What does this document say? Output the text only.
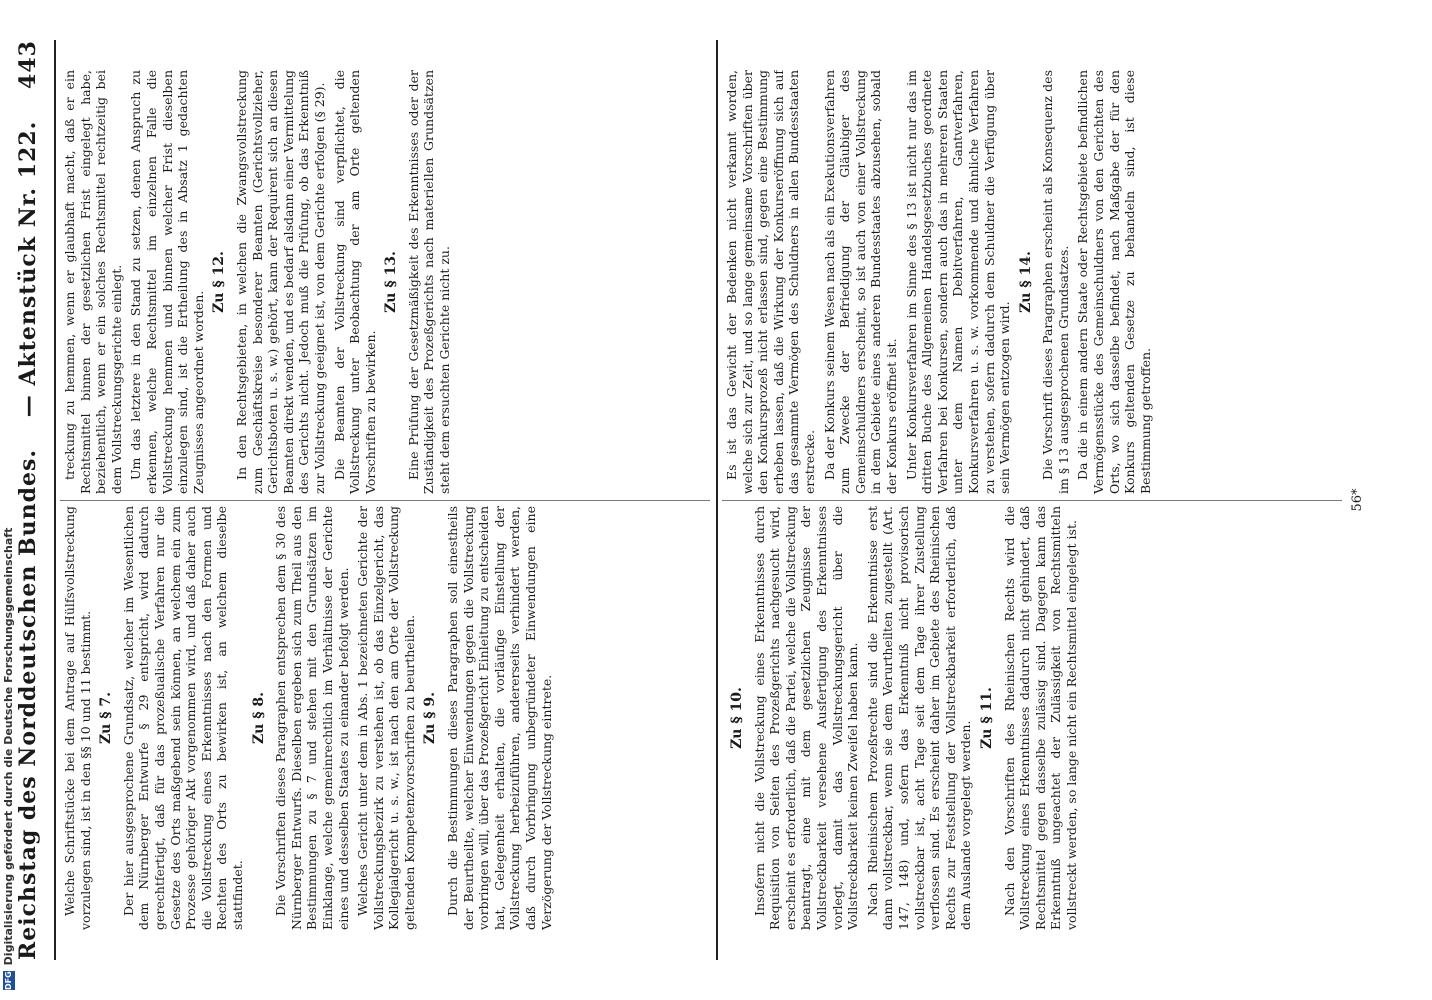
DFG
Digitalisierung gefördert durch die Deutsche Forschungsgemeinschaft Reichstag des Norddeutschen Bundes.
— Aktenstück Nr. 122.
443

Welche Schriftstücke bei dem Antrage auf Hülfsvollstreckung vorzulegen sind, ist in den §§ 10 und 11 bestimmt. Zu § 7. Der hier ausgesprochene Grundsatz, welcher im Wesentlichen dem Nürnberger Entwurfe § 29 entspricht, wird dadurch gerechtfertigt, daß für das prozeßualische Verfahren nur die Gesetze des Orts maßgebend sein können, an welchem ein zum Prozesse gehöriger Akt vorgenommen wird, und daß daher auch die Vollstreckung eines Erkenntnisses nach den Formen und Rechten des Orts zu bewirken ist, an welchem dieselbe stattfindet.

Zu § 8. Die Vorschriften dieses Paragraphen entsprechen dem § 30 des Nürnberger Entwurfs. Dieselben ergeben sich zum Theil aus den Bestimmungen zu § 7 und stehen mit den Grundsätzen im Einklange, welche gemeinrechtlich im Verhältnisse der Gerichte eines und desselben Staates zu einander befolgt werden. Welches Gericht unter dem in Abs. 1 bezeichneten Gerichte der Vollstreckungsbezirk zu verstehen ist, ob das Einzelgericht, das Kollegialgericht u. s. w., ist nach den am Orte der Vollstreckung geltenden Kompetenzvorschriften zu beurtheilen. Zu § 9. Durch die Bestimmungen dieses Paragraphen soll einestheils der Beurtheilte, welcher Einwendungen gegen die Vollstreckung vorbringen will, über das Prozeßgericht Einleitung zu entscheiden hat, Gelegenheit erhalten, die vorläufige Einstellung der Vollstreckung herbeizuführen, andererseits verhindert werden, daß durch Vorbringung unbegründeter Einwendungen eine Verzögerung der Vollstreckung eintrete.

treckung zu hemmen, wenn er glaubhaft macht, daß er ein Rechtsmittel binnen der gesetzlichen Frist eingelegt habe, beziehentlich, wenn er ein solches Rechtsmittel rechtzeitig bei dem Vollstreckungsgerichte einlegt. Um das letztere in den Stand zu setzen, denen Anspruch zu erkennen, welche Rechtsmittel im einzelnen Falle die Vollstreckung hemmen und binnen welcher Frist dieselben einzulegen sind, ist die Ertheilung des in Absatz 1 gedachten Zeugnisses angeordnet worden.

Zu § 12. In den Rechtsgebieten, in welchen die Zwangsvollstreckung zum Geschäftskreise besonderer Beamten (Gerichtsvollzieher, Gerichtsboten u. s. w.) gehört, kann der Requirent sich an diesen Beamten direkt wenden, und es bedarf alsdann einer Vermittelung des Gerichts nicht. Jedoch muß die Prüfung, ob das Erkenntniß zur Vollstreckung geeignet ist, von dem Gerichte erfolgen (§ 29). Die Beamten der Vollstreckung sind verpflichtet, die Vollstreckung unter Beobachtung der am Orte geltenden Vorschriften zu bewirken.

Zu § 13. Eine Prüfung der Gesetzmäßigkeit des Erkenntnisses oder der Zuständigkeit des Prozeßgerichts nach materiellen Grundsätzen steht dem ersuchten Gerichte nicht zu.

Zu § 10. Insofern nicht die Vollstreckung eines Erkenntnisses durch Requisition von Seiten des Prozeßgerichts nachgesucht wird, erscheint es erforderlich, daß die Partei, welche die Vollstreckung beantragt, eine mit dem gesetzlichen Zeugnisse der Vollstreckbarkeit versehene Ausfertigung des Erkenntnisses vorlegt, damit das Vollstreckungsgericht über die Vollstreckbarkeit keinen Zweifel haben kann. Nach Rheinischem Prozeßrechte sind die Erkenntnisse erst dann vollstreckbar, wenn sie dem Verurtheilten zugestellt (Art. 147, 148) und, sofern das Erkenntniß nicht provisorisch vollstreckbar ist, acht Tage seit dem Tage ihrer Zustellung verflossen sind. Es erscheint daher im Gebiete des Rheinischen Rechts zur Feststellung der Vollstreckbarkeit erforderlich, daß dem Auslande vorgelegt werden.

Zu § 11. Nach den Vorschriften des Rheinischen Rechts wird die Vollstreckung eines Erkenntnisses dadurch nicht gehindert, daß Rechtsmittel gegen dasselbe zulässig sind. Dagegen kann das Erkenntniß ungeachtet der Zulässigkeit von Rechtsmitteln vollstreckt werden, so lange nicht ein Rechtsmittel eingelegt ist.

Es ist das Gewicht der Bedenken nicht verkannt worden, welche sich zur Zeit, und so lange gemeinsame Vorschriften über den Konkursprozeß nicht erlassen sind, gegen eine Bestimmung erheben lassen, daß die Wirkung der Konkurseröffnung sich auf das gesammte Vermögen des Schuldners in allen Bundesstaaten erstrecke. Da der Konkurs seinem Wesen nach als ein Exekutionsverfahren zum Zwecke der Befriedigung der Gläubiger des Gemeinschuldners erscheint, so ist auch von einer Vollstreckung in dem Gebiete eines anderen Bundesstaates abzusehen, sobald der Konkurs eröffnet ist. Unter Konkursverfahren im Sinne des § 13 ist nicht nur das im dritten Buche des Allgemeinen Handelsgesetzbuches geordnete Verfahren bei Konkursen, sondern auch das in mehreren Staaten unter dem Namen Debitverfahren, Gantverfahren, Konkursverfahren u. s. w. vorkommende und ähnliche Verfahren zu verstehen, sofern dadurch dem Schuldner die Verfügung über sein Vermögen entzogen wird.

Zu § 14. Die Vorschrift dieses Paragraphen erscheint als Konsequenz des im § 13 ausgesprochenen Grundsatzes. Da die in einem andern Staate oder Rechtsgebiete befindlichen Vermögensstücke des Gemeinschuldners von den Gerichten des Orts, wo sich dasselbe befindet, nach Maßgabe der für den Konkurs geltenden Gesetze zu behandeln sind, ist diese Bestimmung getroffen.

56*
